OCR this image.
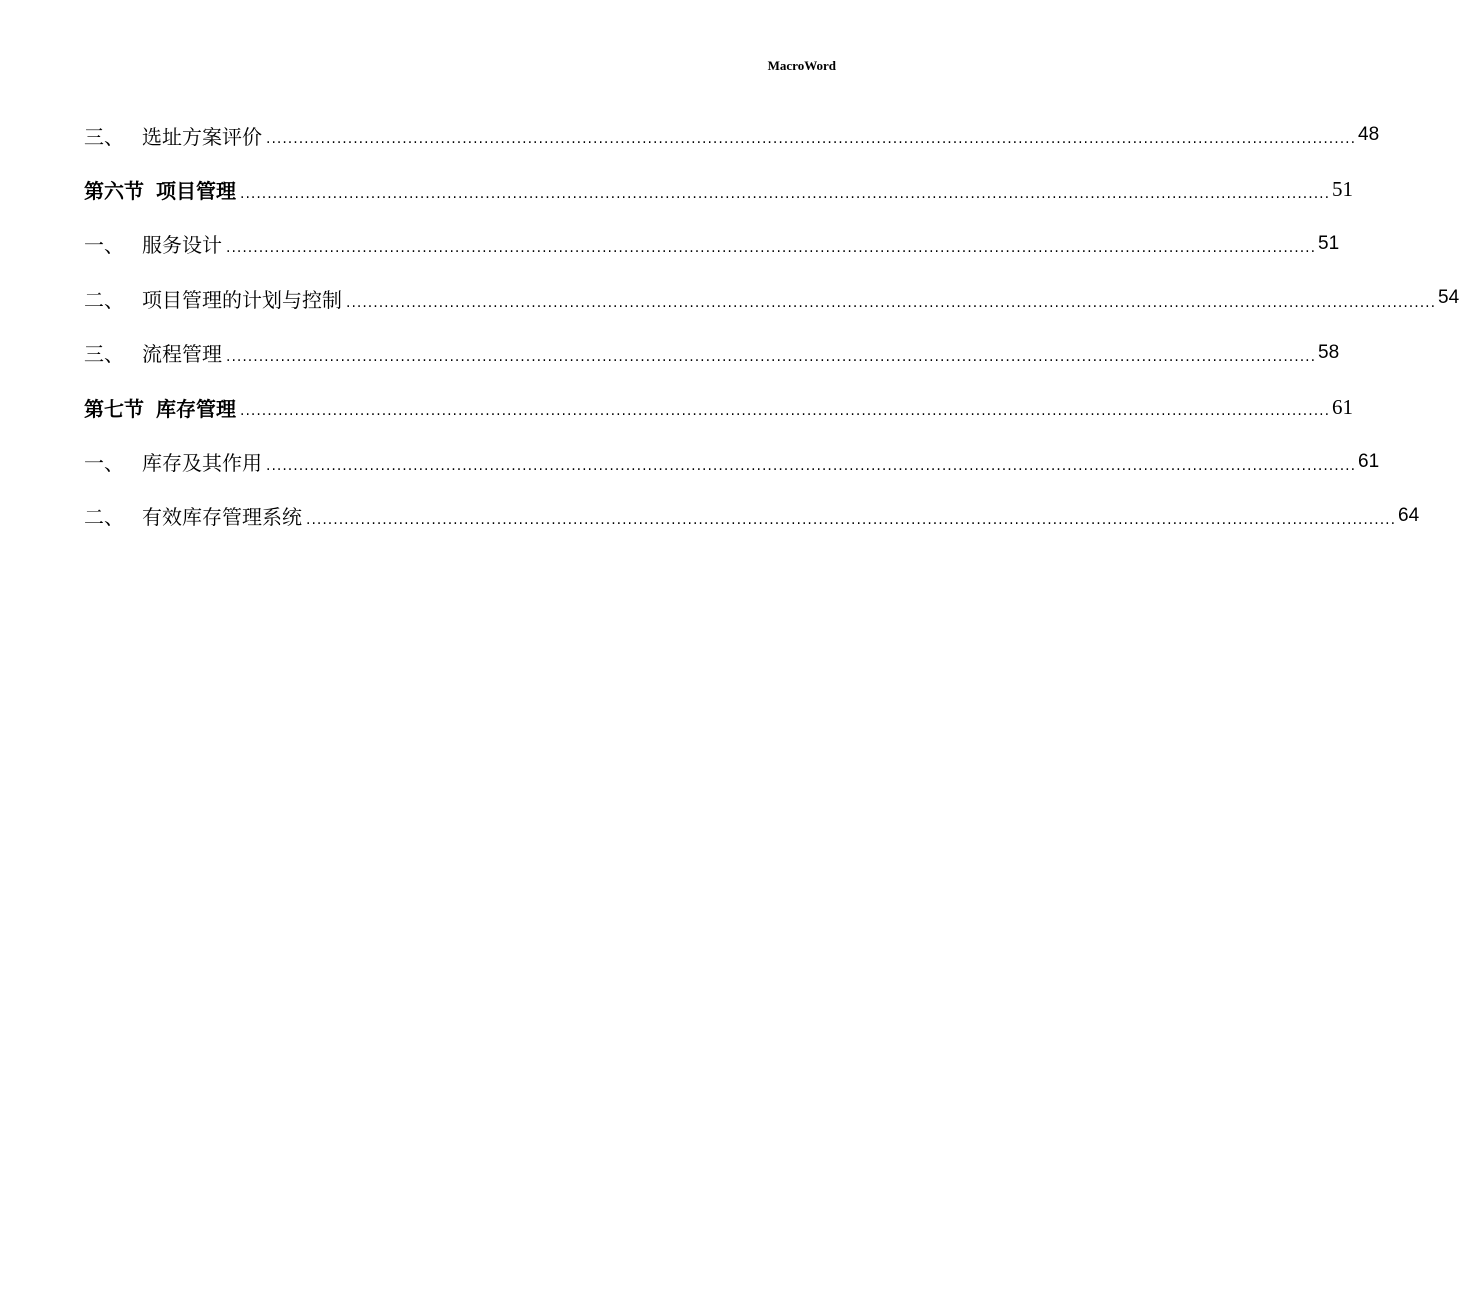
MacroWord
三、 选址方案评价 ........................................................................................................................................................................................................ 48
第六节 项目管理 ........................................................................................................................................................................................................ 51
一、 服务设计 ........................................................................................................................................................................................................ 51
二、 项目管理的计划与控制 ........................................................................................................................................................................................................ 54
三、 流程管理 ........................................................................................................................................................................................................ 58
第七节 库存管理 ........................................................................................................................................................................................................ 61
一、 库存及其作用 ........................................................................................................................................................................................................ 61
二、 有效库存管理系统 ........................................................................................................................................................................................................ 64
